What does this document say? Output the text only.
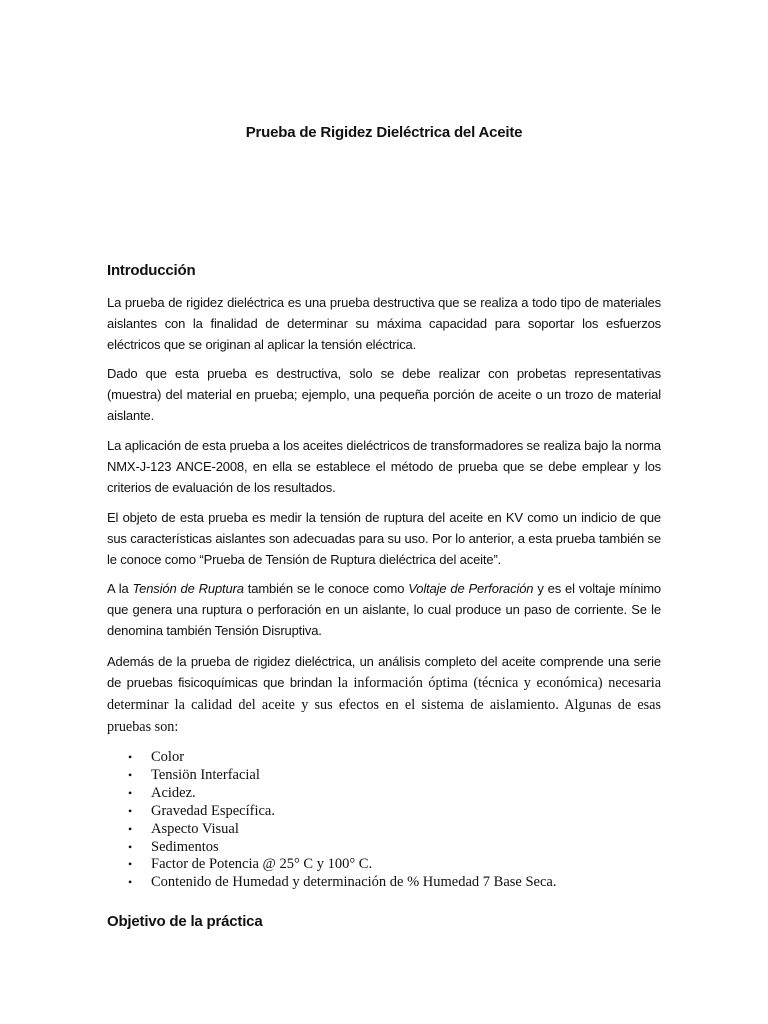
Prueba de Rigidez Dieléctrica del Aceite
Introducción
La prueba de rigidez dieléctrica es una prueba destructiva que se realiza a todo tipo de materiales aislantes con la finalidad de determinar su máxima capacidad para soportar los esfuerzos eléctricos que se originan al aplicar la tensión eléctrica.
Dado que esta prueba es destructiva, solo se debe realizar con probetas representativas (muestra) del material en prueba; ejemplo, una pequeña porción de aceite o un trozo de material aislante.
La aplicación de esta prueba a los aceites dieléctricos de transformadores se realiza bajo la norma NMX-J-123 ANCE-2008, en ella se establece el método de prueba que se debe emplear y los criterios de evaluación de los resultados.
El objeto de esta prueba es medir la tensión de ruptura del aceite en KV como un indicio de que sus características aislantes son adecuadas para su uso. Por lo anterior, a esta prueba también se le conoce como “Prueba de Tensión de Ruptura dieléctrica del aceite”.
A la Tensión de Ruptura también se le conoce como Voltaje de Perforación y es el voltaje mínimo que genera una ruptura o perforación en un aislante, lo cual produce un paso de corriente. Se le denomina también Tensión Disruptiva.
Además de la prueba de rigidez dieléctrica, un análisis completo del aceite comprende una serie de pruebas fisicoquímicas que brindan la información óptima (técnica y económica) necesaria determinar la calidad del aceite y sus efectos en el sistema de aislamiento. Algunas de esas pruebas son:
• Color
• Tensiön Interfacial
• Acidez.
• Gravedad Específica.
• Aspecto Visual
• Sedimentos
• Factor de Potencia @ 25° C y 100° C.
• Contenido de Humedad y determinación de % Humedad 7 Base Seca.
Objetivo de la práctica
